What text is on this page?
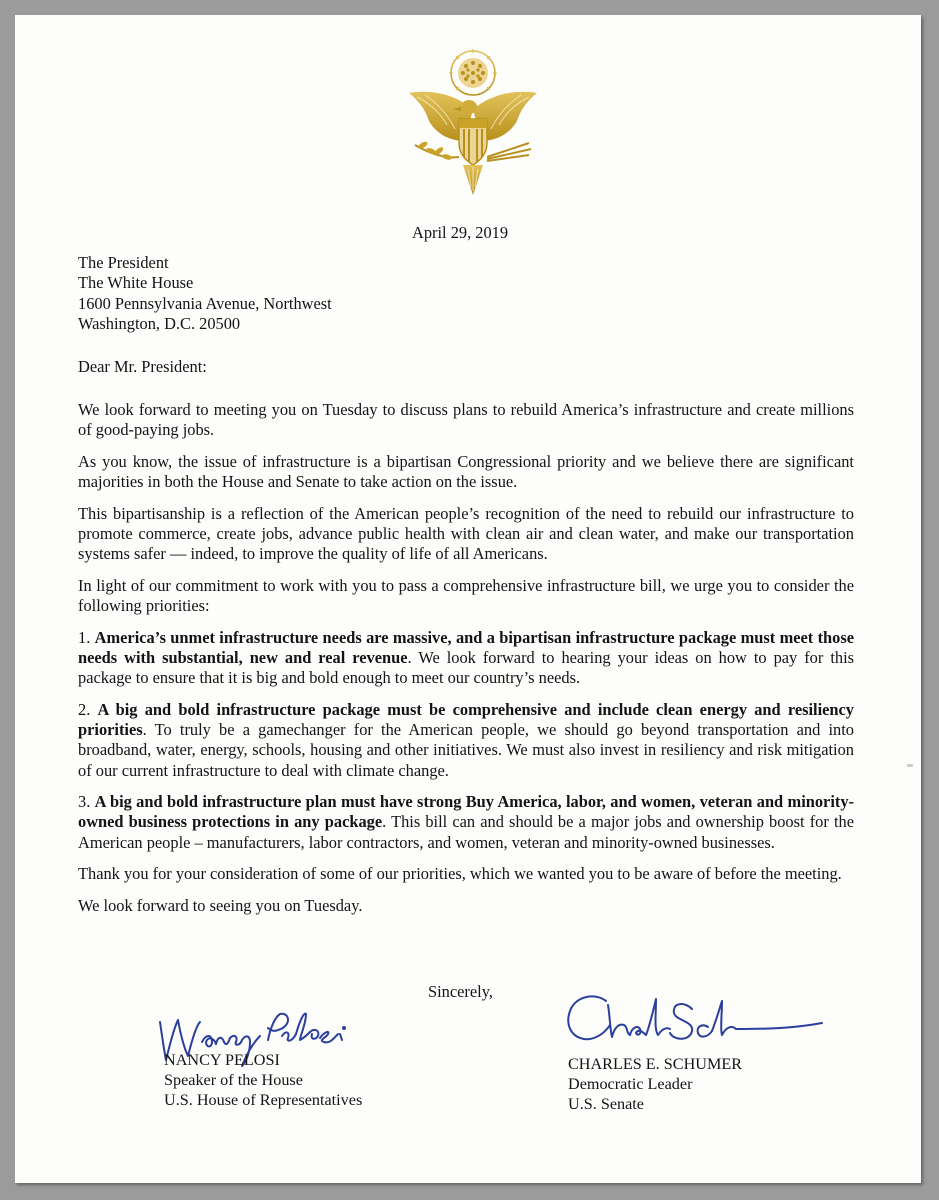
April 29, 2019
The President
The White House
1600 Pennsylvania Avenue, Northwest
Washington, D.C. 20500
Dear Mr. President:

We look forward to meeting you on Tuesday to discuss plans to rebuild America’s infrastructure and create millions of good-paying jobs.

As you know, the issue of infrastructure is a bipartisan Congressional priority and we believe there are significant majorities in both the House and Senate to take action on the issue.

This bipartisanship is a reflection of the American people’s recognition of the need to rebuild our infrastructure to promote commerce, create jobs, advance public health with clean air and clean water, and make our transportation systems safer — indeed, to improve the quality of life of all Americans.

In light of our commitment to work with you to pass a comprehensive infrastructure bill, we urge you to consider the following priorities:

1. America’s unmet infrastructure needs are massive, and a bipartisan infrastructure package must meet those needs with substantial, new and real revenue. We look forward to hearing your ideas on how to pay for this package to ensure that it is big and bold enough to meet our country’s needs.

2. A big and bold infrastructure package must be comprehensive and include clean energy and resiliency priorities. To truly be a gamechanger for the American people, we should go beyond transportation and into broadband, water, energy, schools, housing and other initiatives. We must also invest in resiliency and risk mitigation of our current infrastructure to deal with climate change.

3. A big and bold infrastructure plan must have strong Buy America, labor, and women, veteran and minority-owned business protections in any package. This bill can and should be a major jobs and ownership boost for the American people – manufacturers, labor contractors, and women, veteran and minority-owned businesses.

Thank you for your consideration of some of our priorities, which we wanted you to be aware of before the meeting.

We look forward to seeing you on Tuesday.

Sincerely,
NANCY PELOSI
Speaker of the House
U.S. House of Representatives
CHARLES E. SCHUMER
Democratic Leader
U.S. Senate
